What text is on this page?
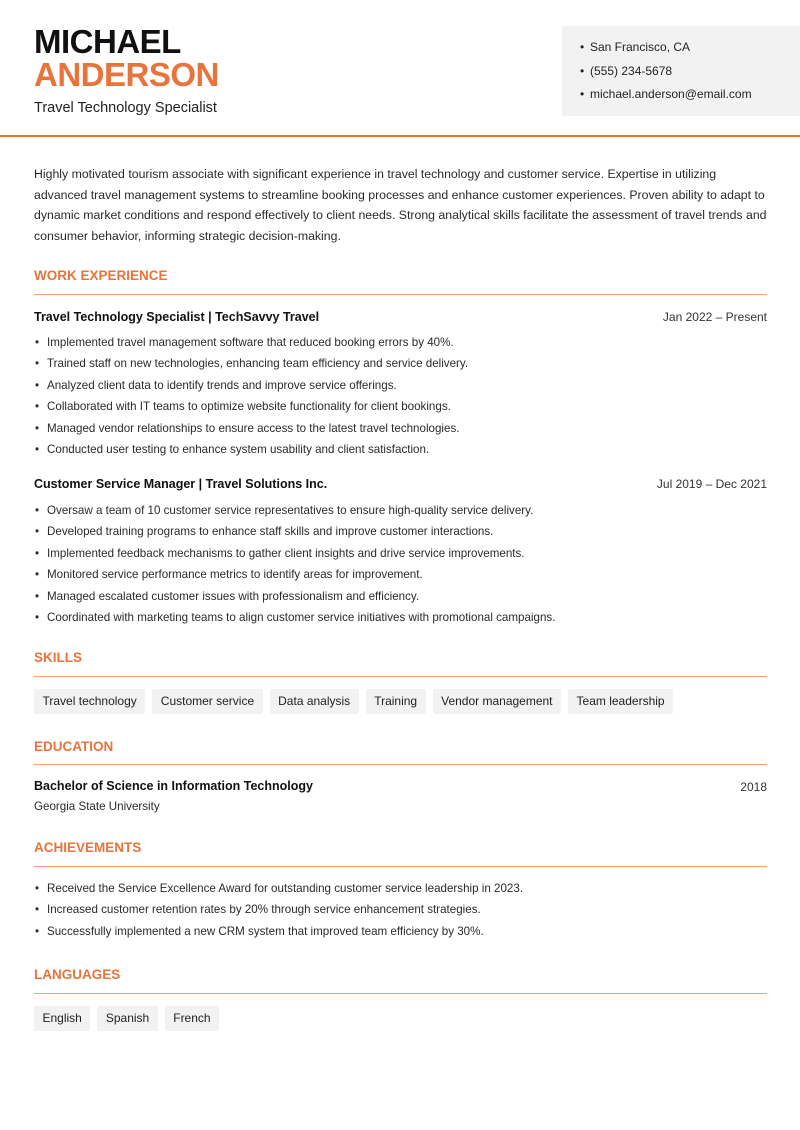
MICHAEL
ANDERSON
Travel Technology Specialist
• San Francisco, CA
• (555) 234-5678
• michael.anderson@email.com

Highly motivated tourism associate with significant experience in travel technology and customer service. Expertise in utilizing advanced travel management systems to streamline booking processes and enhance customer experiences. Proven ability to adapt to dynamic market conditions and respond effectively to client needs. Strong analytical skills facilitate the assessment of travel trends and consumer behavior, informing strategic decision-making.

WORK EXPERIENCE
Travel Technology Specialist | TechSavvy Travel	Jan 2022 – Present
• Implemented travel management software that reduced booking errors by 40%.
• Trained staff on new technologies, enhancing team efficiency and service delivery.
• Analyzed client data to identify trends and improve service offerings.
• Collaborated with IT teams to optimize website functionality for client bookings.
• Managed vendor relationships to ensure access to the latest travel technologies.
• Conducted user testing to enhance system usability and client satisfaction.
Customer Service Manager | Travel Solutions Inc.	Jul 2019 – Dec 2021
• Oversaw a team of 10 customer service representatives to ensure high-quality service delivery.
• Developed training programs to enhance staff skills and improve customer interactions.
• Implemented feedback mechanisms to gather client insights and drive service improvements.
• Monitored service performance metrics to identify areas for improvement.
• Managed escalated customer issues with professionalism and efficiency.
• Coordinated with marketing teams to align customer service initiatives with promotional campaigns.
SKILLS
Travel technology	Customer service	Data analysis	Training	Vendor management	Team leadership
EDUCATION
Bachelor of Science in Information Technology	2018
Georgia State University
ACHIEVEMENTS
• Received the Service Excellence Award for outstanding customer service leadership in 2023.
• Increased customer retention rates by 20% through service enhancement strategies.
• Successfully implemented a new CRM system that improved team efficiency by 30%.
LANGUAGES
English	Spanish	French
